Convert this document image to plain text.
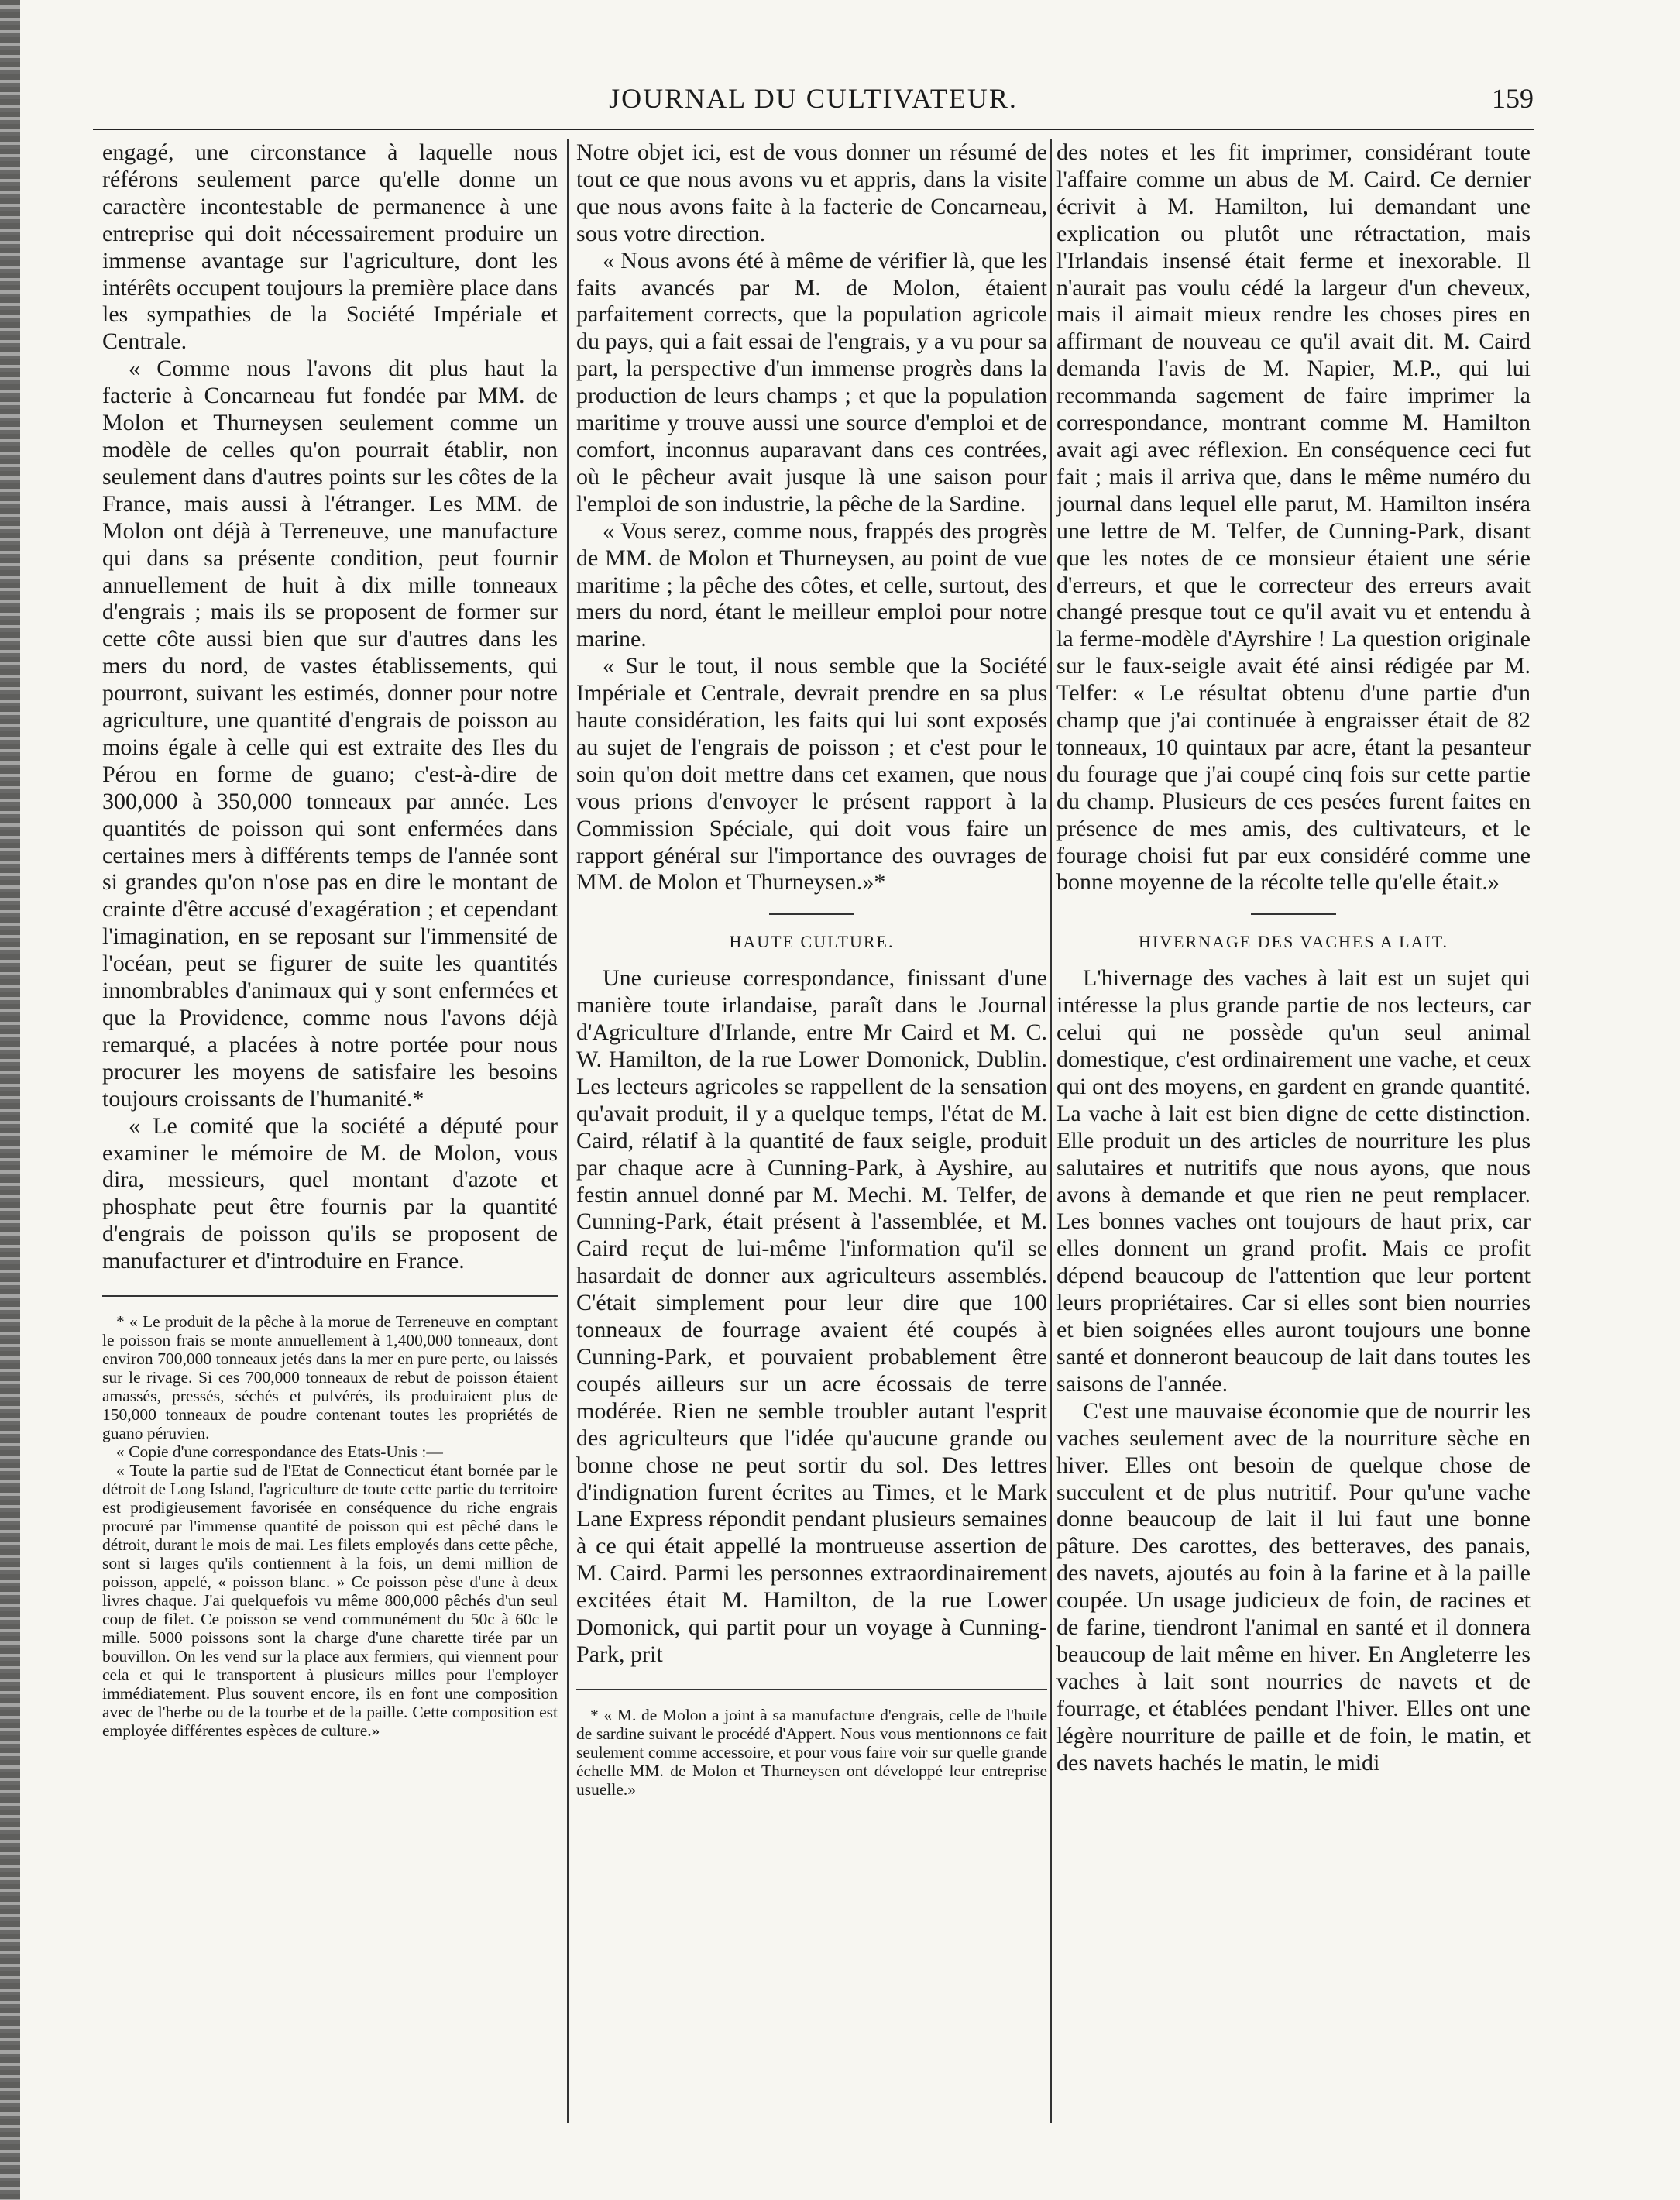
JOURNAL DU CULTIVATEUR.	159

engagé, une circonstance à laquelle nous référons seulement parce qu'elle donne un caractère incontestable de permanence à une entreprise qui doit nécessairement produire un immense avantage sur l'agriculture, dont les intérêts occupent toujours la première place dans les sympathies de la Société Impériale et Centrale.

« Comme nous l'avons dit plus haut la facterie à Concarneau fut fondée par MM. de Molon et Thurneysen seulement comme un modèle de celles qu'on pourrait établir, non seulement dans d'autres points sur les côtes de la France, mais aussi à l'étranger. Les MM. de Molon ont déjà à Terreneuve, une manufacture qui dans sa présente condition, peut fournir annuellement de huit à dix mille tonneaux d'engrais ; mais ils se proposent de former sur cette côte aussi bien que sur d'autres dans les mers du nord, de vastes établissements, qui pourront, suivant les estimés, donner pour notre agriculture, une quantité d'engrais de poisson au moins égale à celle qui est extraite des Iles du Pérou en forme de guano; c'est-à-dire de 300,000 à 350,000 tonneaux par année. Les quantités de poisson qui sont enfermées dans certaines mers à différents temps de l'année sont si grandes qu'on n'ose pas en dire le montant de crainte d'être accusé d'exagération ; et cependant l'imagination, en se reposant sur l'immensité de l'océan, peut se figurer de suite les quantités innombrables d'animaux qui y sont enfermées et que la Providence, comme nous l'avons déjà remarqué, a placées à notre portée pour nous procurer les moyens de satisfaire les besoins toujours croissants de l'humanité.*

« Le comité que la société a député pour examiner le mémoire de M. de Molon, vous dira, messieurs, quel montant d'azote et phosphate peut être fournis par la quantité d'engrais de poisson qu'ils se proposent de manufacturer et d'introduire en France.

* « Le produit de la pêche à la morue de Terreneuve en comptant le poisson frais se monte annuellement à 1,400,000 tonneaux, dont environ 700,000 tonneaux jetés dans la mer en pure perte, ou laissés sur le rivage. Si ces 700,000 tonneaux de rebut de poisson étaient amassés, pressés, séchés et pulvérés, ils produiraient plus de 150,000 tonneaux de poudre contenant toutes les propriétés de guano péruvien.

« Copie d'une correspondance des Etats-Unis :—

« Toute la partie sud de l'Etat de Connecticut étant bornée par le détroit de Long Island, l'agriculture de toute cette partie du territoire est prodigieusement favorisée en conséquence du riche engrais procuré par l'immense quantité de poisson qui est pêché dans le détroit, durant le mois de mai. Les filets employés dans cette pêche, sont si larges qu'ils contiennent à la fois, un demi million de poisson, appelé, « poisson blanc. » Ce poisson pèse d'une à deux livres chaque. J'ai quelquefois vu même 800,000 pêchés d'un seul coup de filet. Ce poisson se vend communément du 50c à 60c le mille. 5000 poissons sont la charge d'une charette tirée par un bouvillon. On les vend sur la place aux fermiers, qui viennent pour cela et qui le transportent à plusieurs milles pour l'employer immédiatement. Plus souvent encore, ils en font une composition avec de l'herbe ou de la tourbe et de la paille. Cette composition est employée différentes espèces de culture.»

Notre objet ici, est de vous donner un résumé de tout ce que nous avons vu et appris, dans la visite que nous avons faite à la facterie de Concarneau, sous votre direction.

« Nous avons été à même de vérifier là, que les faits avancés par M. de Molon, étaient parfaitement corrects, que la population agricole du pays, qui a fait essai de l'engrais, y a vu pour sa part, la perspective d'un immense progrès dans la production de leurs champs ; et que la population maritime y trouve aussi une source d'emploi et de comfort, inconnus auparavant dans ces contrées, où le pêcheur avait jusque là une saison pour l'emploi de son industrie, la pêche de la Sardine.

« Vous serez, comme nous, frappés des progrès de MM. de Molon et Thurneysen, au point de vue maritime ; la pêche des côtes, et celle, surtout, des mers du nord, étant le meilleur emploi pour notre marine.

« Sur le tout, il nous semble que la Société Impériale et Centrale, devrait prendre en sa plus haute considération, les faits qui lui sont exposés au sujet de l'engrais de poisson ; et c'est pour le soin qu'on doit mettre dans cet examen, que nous vous prions d'envoyer le présent rapport à la Commission Spéciale, qui doit vous faire un rapport général sur l'importance des ouvrages de MM. de Molon et Thurneysen.»*

HAUTE CULTURE.

Une curieuse correspondance, finissant d'une manière toute irlandaise, paraît dans le Journal d'Agriculture d'Irlande, entre Mr Caird et M. C. W. Hamilton, de la rue Lower Domonick, Dublin. Les lecteurs agricoles se rappellent de la sensation qu'avait produit, il y a quelque temps, l'état de M. Caird, rélatif à la quantité de faux seigle, produit par chaque acre à Cunning-Park, à Ayshire, au festin annuel donné par M. Mechi. M. Telfer, de Cunning-Park, était présent à l'assemblée, et M. Caird reçut de lui-même l'information qu'il se hasardait de donner aux agriculteurs assemblés. C'était simplement pour leur dire que 100 tonneaux de fourrage avaient été coupés à Cunning-Park, et pouvaient probablement être coupés ailleurs sur un acre écossais de terre modérée. Rien ne semble troubler autant l'esprit des agriculteurs que l'idée qu'aucune grande ou bonne chose ne peut sortir du sol. Des lettres d'indignation furent écrites au Times, et le Mark Lane Express répondit pendant plusieurs semaines à ce qui était appellé la montrueuse assertion de M. Caird. Parmi les personnes extraordinairement excitées était M. Hamilton, de la rue Lower Domonick, qui partit pour un voyage à Cunning-Park, prit

* « M. de Molon a joint à sa manufacture d'engrais, celle de l'huile de sardine suivant le procédé d'Appert. Nous vous mentionnons ce fait seulement comme accessoire, et pour vous faire voir sur quelle grande échelle MM. de Molon et Thurneysen ont développé leur entreprise usuelle.»

des notes et les fit imprimer, considérant toute l'affaire comme un abus de M. Caird. Ce dernier écrivit à M. Hamilton, lui demandant une explication ou plutôt une rétractation, mais l'Irlandais insensé était ferme et inexorable. Il n'aurait pas voulu cédé la largeur d'un cheveux, mais il aimait mieux rendre les choses pires en affirmant de nouveau ce qu'il avait dit. M. Caird demanda l'avis de M. Napier, M.P., qui lui recommanda sagement de faire imprimer la correspondance, montrant comme M. Hamilton avait agi avec réflexion. En conséquence ceci fut fait ; mais il arriva que, dans le même numéro du journal dans lequel elle parut, M. Hamilton inséra une lettre de M. Telfer, de Cunning-Park, disant que les notes de ce monsieur étaient une série d'erreurs, et que le correcteur des erreurs avait changé presque tout ce qu'il avait vu et entendu à la ferme-modèle d'Ayrshire ! La question originale sur le faux-seigle avait été ainsi rédigée par M. Telfer: « Le résultat obtenu d'une partie d'un champ que j'ai continuée à engraisser était de 82 tonneaux, 10 quintaux par acre, étant la pesanteur du fourage que j'ai coupé cinq fois sur cette partie du champ. Plusieurs de ces pesées furent faites en présence de mes amis, des cultivateurs, et le fourage choisi fut par eux considéré comme une bonne moyenne de la récolte telle qu'elle était.»

HIVERNAGE DES VACHES A LAIT.

L'hivernage des vaches à lait est un sujet qui intéresse la plus grande partie de nos lecteurs, car celui qui ne possède qu'un seul animal domestique, c'est ordinairement une vache, et ceux qui ont des moyens, en gardent en grande quantité. La vache à lait est bien digne de cette distinction. Elle produit un des articles de nourriture les plus salutaires et nutritifs que nous ayons, que nous avons à demande et que rien ne peut remplacer. Les bonnes vaches ont toujours de haut prix, car elles donnent un grand profit. Mais ce profit dépend beaucoup de l'attention que leur portent leurs propriétaires. Car si elles sont bien nourries et bien soignées elles auront toujours une bonne santé et donneront beaucoup de lait dans toutes les saisons de l'année.

C'est une mauvaise économie que de nourrir les vaches seulement avec de la nourriture sèche en hiver. Elles ont besoin de quelque chose de succulent et de plus nutritif. Pour qu'une vache donne beaucoup de lait il lui faut une bonne pâture. Des carottes, des betteraves, des panais, des navets, ajoutés au foin à la farine et à la paille coupée. Un usage judicieux de foin, de racines et de farine, tiendront l'animal en santé et il donnera beaucoup de lait même en hiver. En Angleterre les vaches à lait sont nourries de navets et de fourrage, et établées pendant l'hiver. Elles ont une légère nourriture de paille et de foin, le matin, et des navets hachés le matin, le midi
